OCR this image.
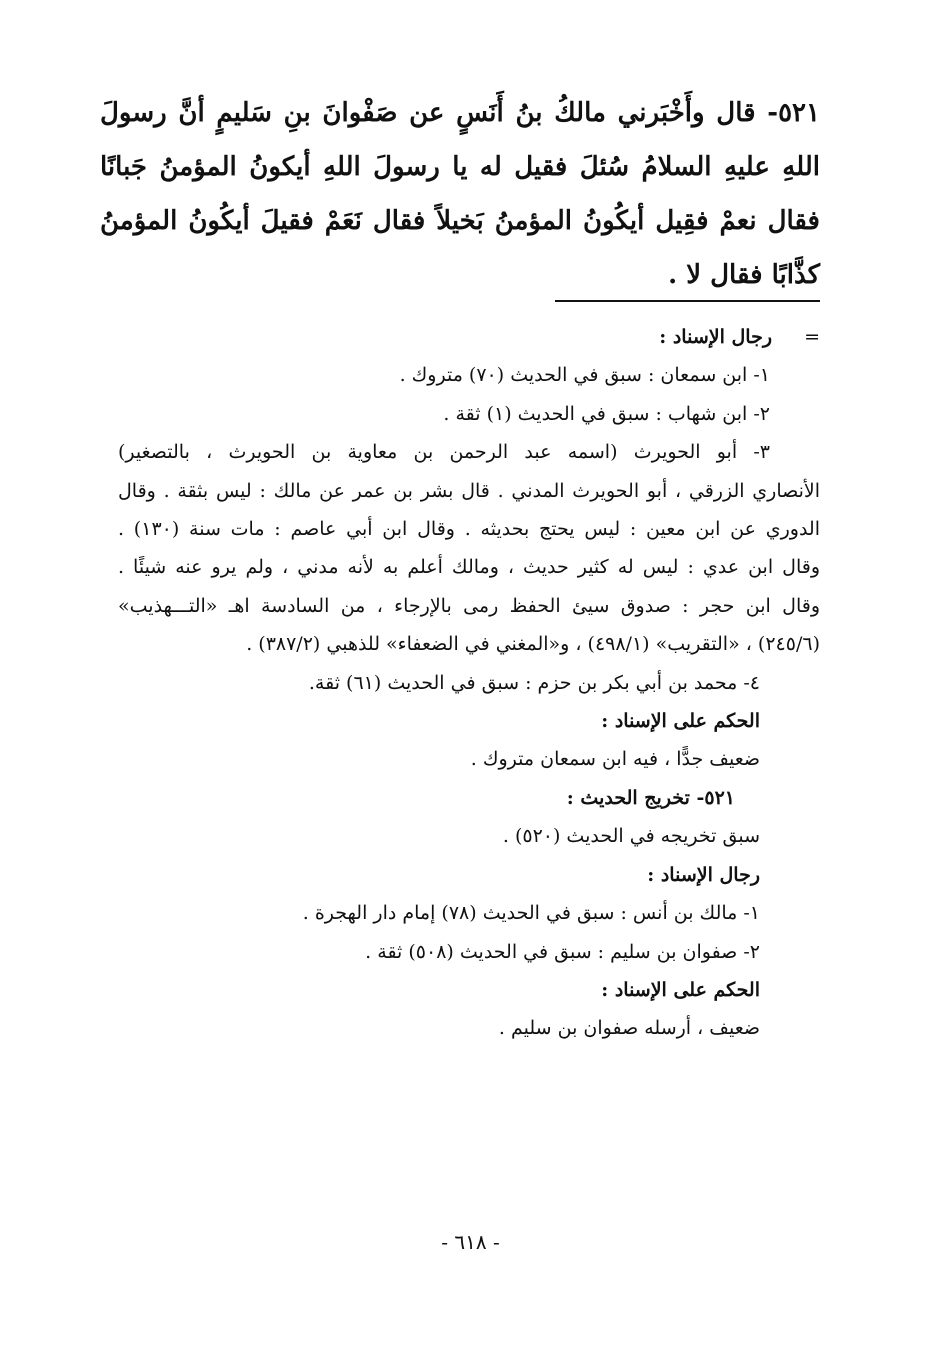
٥٢١- قال وأَخْبَرني مالكُ بنُ أَنَسٍ عن صَفْوانَ بنِ سَليمٍ أنَّ رسولَ اللهِ عليهِ السلامُ سُئلَ فقيل له يا رسولَ اللهِ أيكونُ المؤمنُ جَبانًا فقال نعمْ فقِيل أيكُونُ المؤمنُ بَخيلاً فقال نَعَمْ فقيلَ أيكُونُ المؤمنُ كذَّابًا فقال لا .
=رجال الإسناد :
١- ابن سمعان : سبق في الحديث (٧٠) متروك .
٢- ابن شهاب : سبق في الحديث (١) ثقة .
٣- أبو الحويرث (اسمه عبد الرحمن بن معاوية بن الحويرث ، بالتصغير)
الأنصاري الزرقي ، أبو الحويرث المدني . قال بشر بن عمر عن مالك : ليس بثقة . وقال
الدوري عن ابن معين : ليس يحتج بحديثه . وقال ابن أبي عاصم : مات سنة (١٣٠) .
وقال ابن عدي : ليس له كثير حديث ، ومالك أعلم به لأنه مدني ، ولم يرو عنه شيئًا .
وقال ابن حجر : صدوق سيئ الحفظ رمى بالإرجاء ، من السادسة اهـ «التـــهذيب»
(٢٤٥/٦) ، «التقريب» (٤٩٨/١) ، و«المغني في الضعفاء» للذهبي (٣٨٧/٢) .
٤- محمد بن أبي بكر بن حزم : سبق في الحديث (٦١) ثقة.
الحكم على الإسناد :
ضعيف جدًّا ، فيه ابن سمعان متروك .
٥٢١- تخريج الحديث :
سبق تخريجه في الحديث (٥٢٠) .
رجال الإسناد :
١- مالك بن أنس : سبق في الحديث (٧٨) إمام دار الهجرة .
٢- صفوان بن سليم : سبق في الحديث (٥٠٨) ثقة .
الحكم على الإسناد :
ضعيف ، أرسله صفوان بن سليم .
- ٦١٨ -
